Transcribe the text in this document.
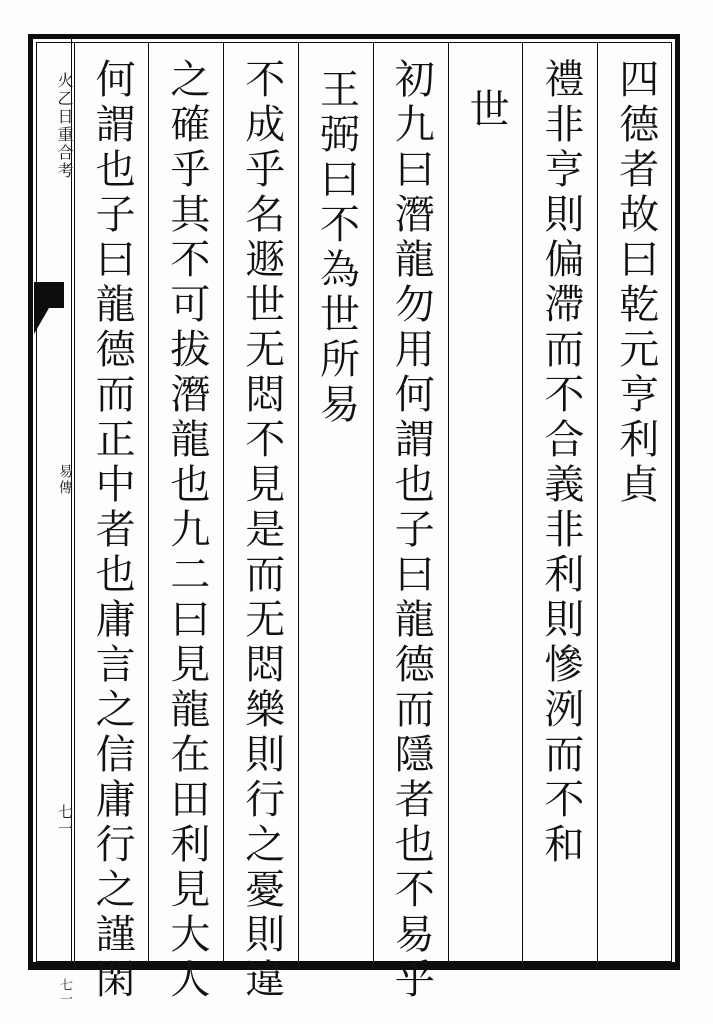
火乙日重合考
易傳
七一
四德者故曰乾元亨利貞
禮非亨則偏滯而不合義非利則慘洌而不和
世
初九曰潛龍勿用何謂也子曰龍德而隱者也不易乎
王弼曰不為世所易
不成乎名遯世无悶不見是而无悶樂則行之憂則違
之確乎其不可拔潛龍也九二曰見龍在田利見大人
何謂也子曰龍德而正中者也庸言之信庸行之謹閑
七一
